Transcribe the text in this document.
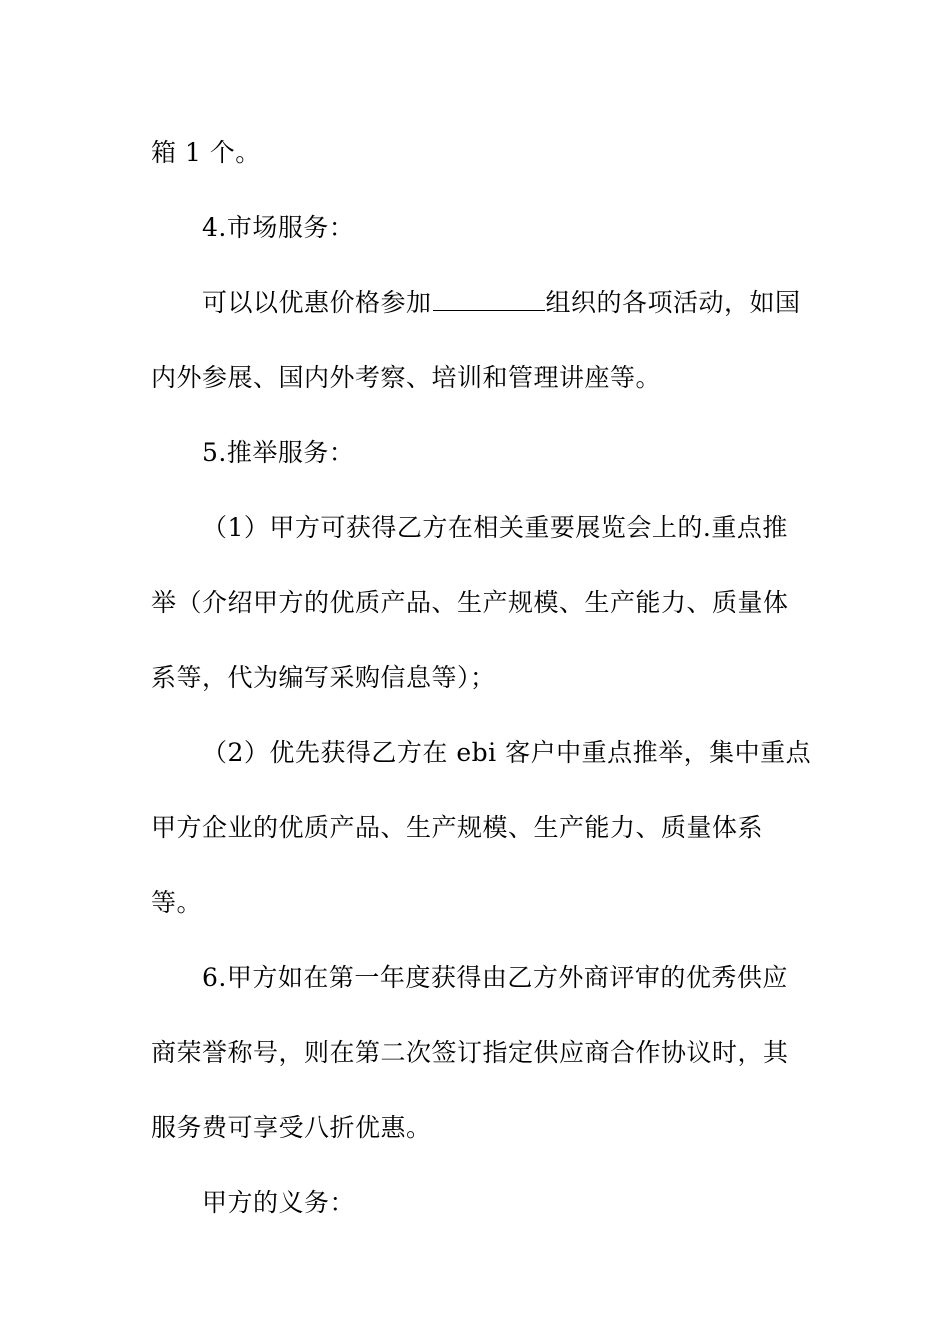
箱 1 个。
4.市场服务：
可以以优惠价格参加	组织的各项活动，如国
内外参展、国内外考察、培训和管理讲座等。
5.推举服务：
（1）甲方可获得乙方在相关重要展览会上的.重点推
举（介绍甲方的优质产品、生产规模、生产能力、质量体
系等，代为编写采购信息等）；
（2）优先获得乙方在 ebi 客户中重点推举，集中重点
甲方企业的优质产品、生产规模、生产能力、质量体系
等。
6.甲方如在第一年度获得由乙方外商评审的优秀供应
商荣誉称号，则在第二次签订指定供应商合作协议时，其
服务费可享受八折优惠。
甲方的义务：
